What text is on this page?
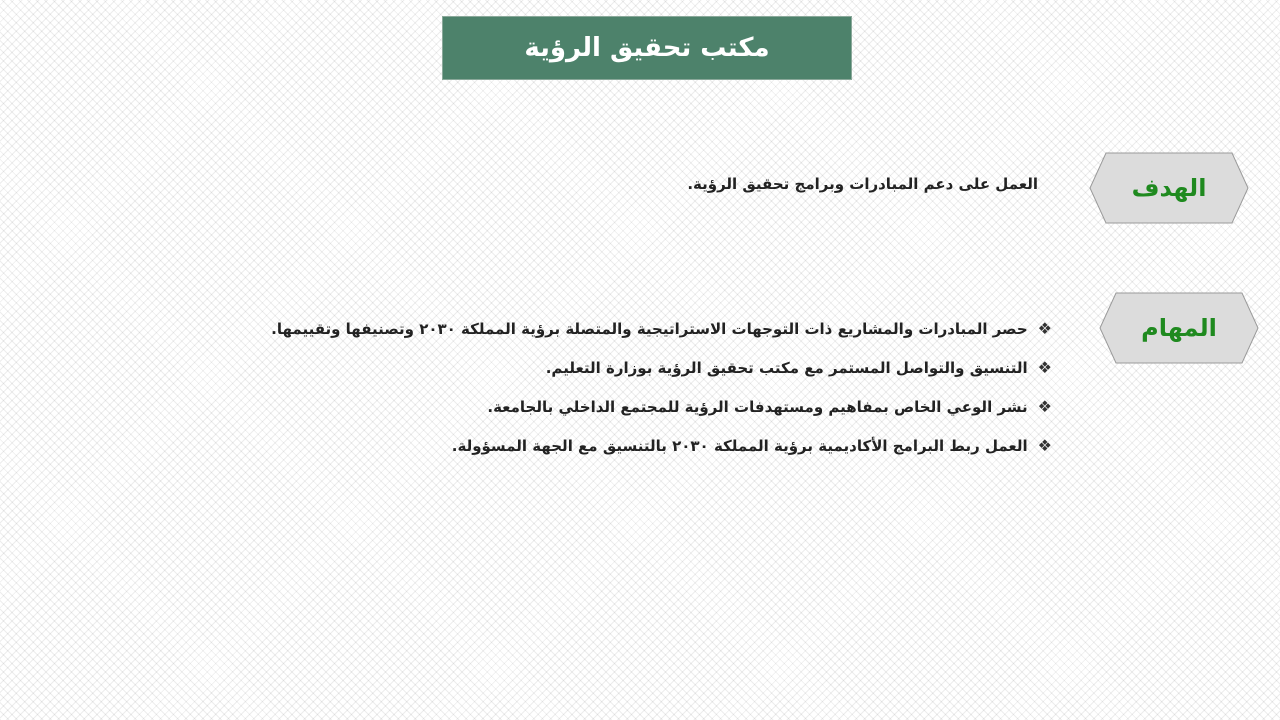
مكتب تحقيق الرؤية
الهدف
العمل على دعم المبادرات وبرامج تحقيق الرؤية.
المهام
❖حصر المبادرات والمشاريع ذات التوجهات الاستراتيجية والمتصلة برؤية المملكة ٢٠٣٠ وتصنيفها وتقييمها.
❖التنسيق والتواصل المستمر مع مكتب تحقيق الرؤية بوزارة التعليم.
❖نشر الوعي الخاص بمفاهيم ومستهدفات الرؤية للمجتمع الداخلي بالجامعة.
❖العمل ربط البرامج الأكاديمية برؤية المملكة ٢٠٣٠ بالتنسيق مع الجهة المسؤولة.
